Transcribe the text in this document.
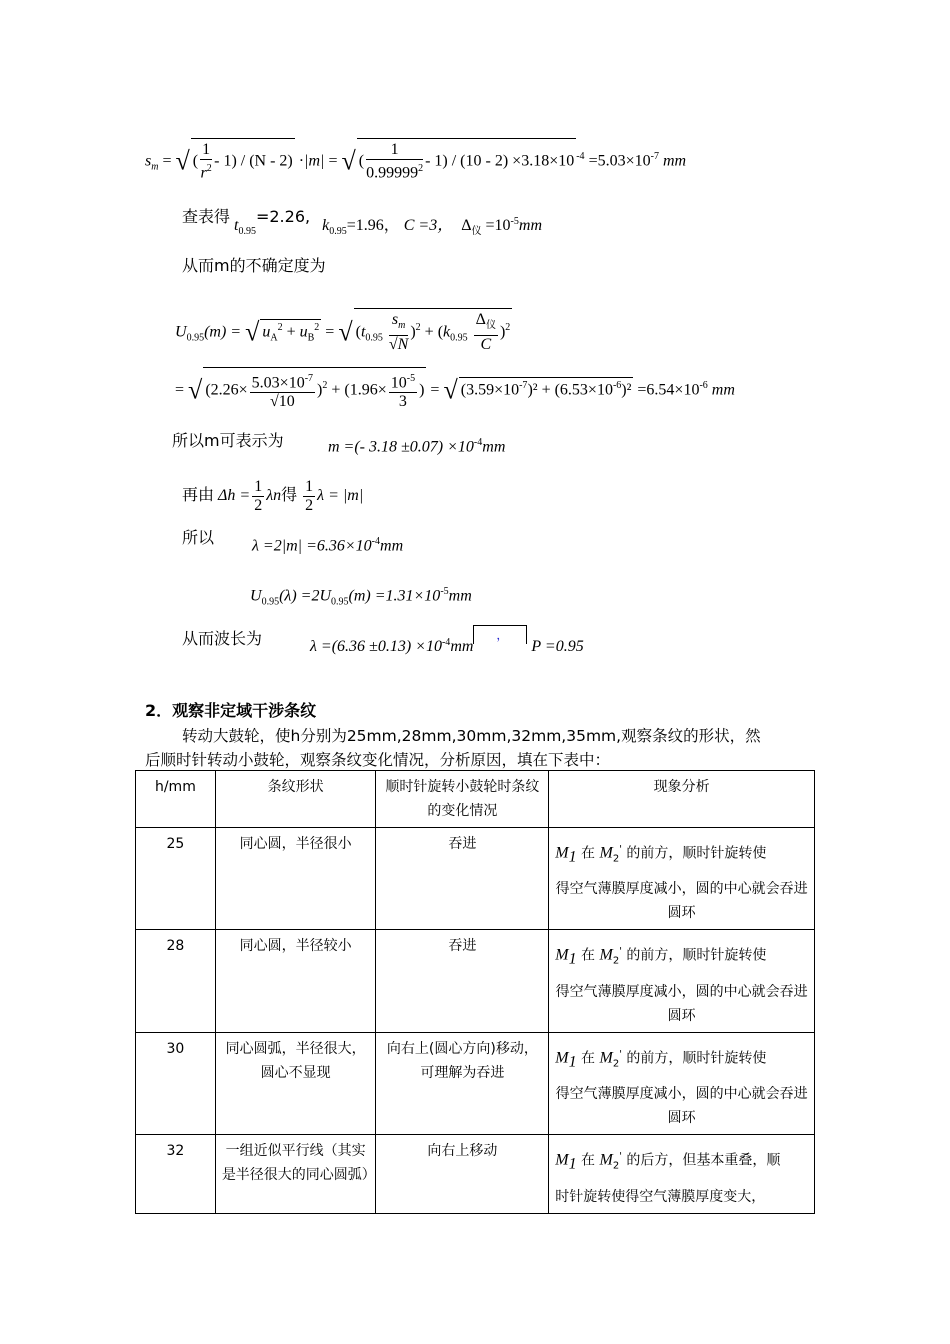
$s_m$ = √ ( $\frac{1}{r^2} - 1) / (N - 2) \cdot|m|$ = √ ( $\frac{1}{0.99999^2} - 1) / (10 - 2) \times 3.18\times 10$ $^{-4} =5.03\times 10^{-7}$ mm
查表得 $t_{0.95}=2.26$, $k_{0.95}=1.96$， C =3， $\Delta_仪 =10^{-5}mm$
从而m的不确定度为
$U_{0.95}(m)$ = √ $u_A^2 + u_B^2$ = √ $(t_{0.95} \frac{s_m}{√N} )^2 + (k_{0.95} \frac{\Delta_仪}{C} )^2$
= √ $(2.26\times \frac{5.03\times 10^{-7}}{√10} )^2 + (1.96\times \frac{10^{-5}}{3}$ ) = √ $(3.59\times 10^{-7})^2 + (6.53\times 10^{-6})^2 =6.54\times 10^{-6}$ mm
所以m可表示为	m =(- $3.18 \pm 0.07) \times 10^{-4}mm$
再由 $\Delta h = \frac{1}{2}$ λn得 $\frac{1}{2}$ λ = |m|
所以 $\lambda =2|m| =6.36\times 10^{-4}mm$
$U_{0.95}(\lambda) =2U_{0.95}(m) =1.31\times 10^{-5}mm$
从而波长为	$\lambda =(6.36 \pm 0.13) \times 10^{-4}mm$
，
P =0.95
2．观察非定域干涉条纹
转动大鼓轮，使h分别为25mm,28mm,30mm,32mm,35mm,观察条纹的形状，然
后顺时针转动小鼓轮，观察条纹变化情况，分析原因，填在下表中：
h/mm	条纹形状	顺时针旋转小鼓轮时条纹的变化情况	现象分析
25	同心圆，半径很小	吞进	$M_1$ 在 $M_2'$ 的前方，顺时针旋转使
得空气薄膜厚度减小，圆的中心就会吞进圆环

28	同心圆，半径较小	吞进	$M_1$ 在 $M_2'$ 的前方，顺时针旋转使
得空气薄膜厚度减小，圆的中心就会吞进圆环

30	同心圆弧，半径很大，圆心不显现	向右上(圆心方向)移动，可理解为吞进	$M_1$ 在 $M_2'$ 的前方，顺时针旋转使
得空气薄膜厚度减小，圆的中心就会吞进圆环

32	一组近似平行线（其实是半径很大的同心圆弧）	向右上移动	$M_1$ 在 $M_2'$ 的后方，但基本重叠，顺
时针旋转使得空气薄膜厚度变大，
